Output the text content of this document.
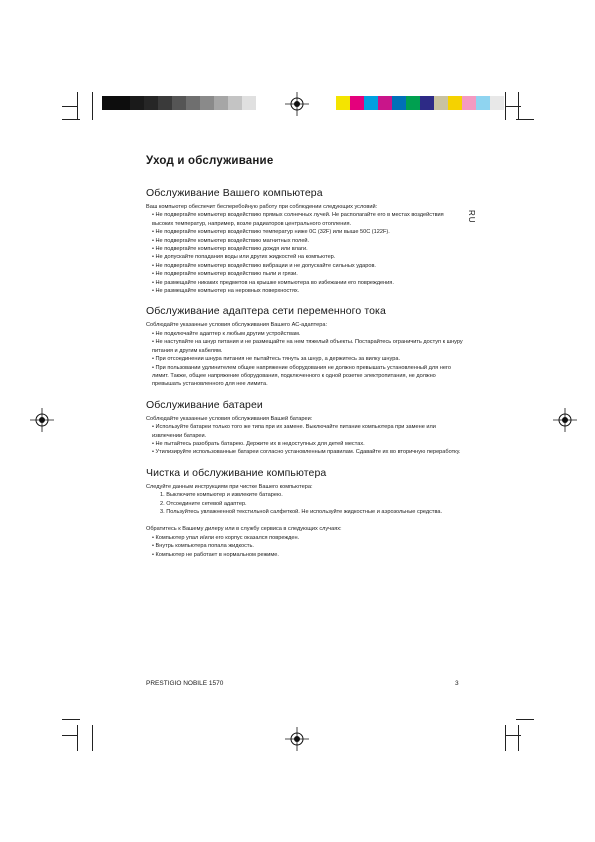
RU
Уход и обслуживание
Обслуживание Вашего компьютера

Ваш компьютер обеспечит бесперебойную работу при соблюдении следующих условий:

• Не подвергайте компьютер воздействию прямых солнечных лучей. Не располагайте его в местах воздействия высоких температур, например, возле радиаторов центрального отопления.
• Не подвергайте компьютер воздействию температур ниже 0С (32F) или выше 50С (122F).
• Не подвергайте компьютер воздействию магнитных полей.
• Не подвергайте компьютер воздействию дождя или влаги.
• Не допускайте попадания воды или других жидкостей на компьютер.
• Не подвергайте компьютер воздействию вибрации и не допускайте сильных ударов.
• Не подвергайте компьютер воздействию пыли и грязи.
• Не размещайте никаких предметов на крышке компьютера во избежании его повреждения.
• Не размещайте компьютер на неровных поверхностях.
Обслуживание адаптера сети переменного тока

Соблюдайте указанные условия обслуживания Вашего АС-адаптера:

• Не подключайте адаптер к любым другим устройствам.
• Не наступайте на шнур питания и не размещайте на нем тяжелый объекты. Постарайтесь ограничить доступ к шнуру питания и другим кабелям.
• При отсоединении шнура питания не пытайтесь тянуть за шнур, а держитесь за вилку шнура.
• При пользовании удлинителем общее напряжение оборудования не должно превышать установленный для него лимит. Также, общее напряжение оборудования, подключенного к одной розетке электропитания, не должно превышать установленного для нее лимита.
Обслуживание батареи

Соблюдайте указанные условия обслуживания Вашей батареи:

• Используйте батареи только того же типа при их замене. Выключайте питание компьютера при замене или извлечении батареи.
• Не пытайтесь разобрать батарею. Держите их в недоступных для детей местах.
• Утилизируйте использованные батареи согласно установленным правилам. Сдавайте их во вторичную переработку.
Чистка и обслуживание компьютера

Следуйте данным инструкциям при чистке Вашего компьютера:

1. Выключите компьютер и извлеките батарею.
2. Отсоедините сетевой адаптер.
3. Пользуйтесь увлажненной текстильной салфеткой. Не используйте жидкостные и аэрозольные средства.

Обратитесь к Вашему дилеру или в службу сервиса в следующих случаях:

• Компьютер упал и/или его корпус оказался поврежден.
• Внутрь компьютера попала жидкость.
• Компьютер не работает в нормальном режиме.
PRESTIGIO NOBILE 1570	3
